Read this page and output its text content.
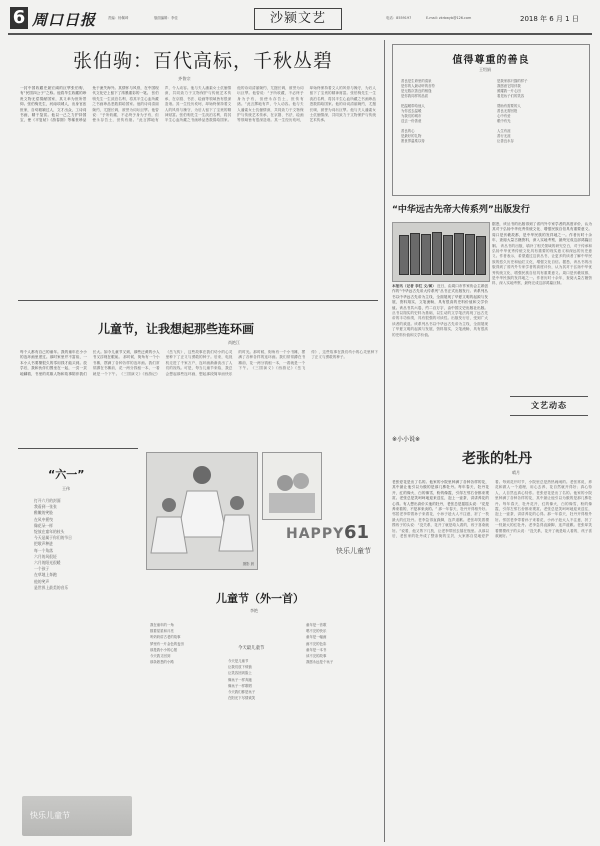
6 周口日报	责编：杨佩琦	版面编辑：李佳	沙颍文艺	电话：8559197	E-mail: zkrbwyb@126.com	2018 年 6 月 1 日
张伯驹：百代高标，千秋丛碧
齐鲁宗
一封中国收藏史最宏阔的巨擘张伯驹，有“民国四公子”之称。他将毕生收藏的珍贵文物无偿捐献国家，其义举为世所景仰。张伯驹先生，河南项城人，出身官宦世家，自幼聪颖过人，文才出众，工诗词书画，精于鉴赏。他以一己之力护持国宝，使《平复帖》《游春图》等稀世珍品免于流失海外。其情怀与风骨，在中国现代文化史上留下了浓墨重彩的一笔。 张伯驹先生一生淡泊名利，将其半生心血所藏之书画珍品悉数捐给国家。他的诗词清丽婉约，尤擅长调，被誉为词坛巨擘。他曾说：“予所收藏，不必终予身为予有，但使永存吾土，世传有绪。”此言掷地有声，令人动容。他与夫人潘素女士伉俪情深，共同致力于文物保护与传统艺术传承，在京剧、书法、绘画等领域皆有很深造诣。其一生经历坎坷，却始终保持着文人的风骨与操守，为后人留下了宝贵的精神财富。张伯驹先生一生淡泊名利，将其半生心血所藏之书画珍品悉数捐给国家。他的诗词清丽婉约，尤擅长调，被誉为词坛巨擘。他曾说：“予所收藏，不必终予身为予有，但使永存吾土，世传有绪。”此言掷地有声，令人动容。他与夫人潘素女士伉俪情深，共同致力于文物保护与传统艺术传承，在京剧、书法、绘画等领域皆有很深造诣。其一生经历坎坷，却始终保持着文人的风骨与操守，为后人留下了宝贵的精神财富。张伯驹先生一生淡泊名利，将其半生心血所藏之书画珍品悉数捐给国家。他的诗词清丽婉约，尤擅长调，被誉为词坛巨擘。他与夫人潘素女士伉俪情深，共同致力于文物保护与传统艺术传承。
值得尊重的善良
王绍娟
善良是生命里的清泉
是你的人最动听的音符
是无数次善良的相逢
是你我同样的品质

把温暖带给他人
为你送去温暖
为我们的城市
送去一份善意

善良的心
是最好的礼物
愿世界温柔以待
是我家那只猫的样子
我愿意它陪伴我
照耀我一片心田
看见孩子们的笑容

帮助有需要的人
善良无需回报
心中有爱
眼中有光

人生有涯
善行无涯
让善良永存
“中华远古先帝大传系列”出版发行
据悉，该丛书的出版得到了省内外专家学者的高度评价，认为其对于弘扬中华优秀传统文化、增强民族自信具有重要意义。周口是伏羲故都，是中华民族的发祥地之一。作者历时十余年，查阅大量古籍资料，深入实地考察，最终完成这部鸿篇巨制。 该丛书的出版，填补了相关领域的研究空白，对于传承和弘扬中华优秀传统文化具有重要的现实意义和深远的历史意义。作者表示，希望通过这套丛书，让更多的读者了解中华民族的悠久历史和灿烂文化，增强文化自信。据悉，该丛书的出版得到了省内外专家学者的高度评价，认为其对于弘扬中华优秀传统文化、增强民族自信具有重要意义。周口是伏羲故都，是中华民族的发祥地之一。作者历时十余年，查阅大量古籍资料，深入实地考察，最终完成这部鸿篇巨制。
本报讯（记者 李红 文/图） 近日，由周口市作家协会主席创作的“中华远古先帝大传系列”丛书正式出版发行。该系列丛书以中华远古先帝为主线，全面展现了华夏文明的起源与发展，资料翔实，文笔流畅，具有很高的史料价值和文学价值。该丛书共六卷，约二百万字，由中国文史出版社出版。 丛书以翔实的史料为基础，以生动的文学笔法再现了远古先帝的丰功伟绩，具有很强的可读性。出版发行后，受到广大读者的欢迎。该系列丛书以中华远古先帝为主线，全面展现了华夏文明的起源与发展，资料翔实，文笔流畅，具有很高的史料价值和文学价值。
文艺动态
儿童节，让我想起那些连环画
尚艳江
每个人都有自己的童年。我的童年在小小的连环画里度过。那时家里并不富裕，一本小人书要攒很久的零用钱才能买到。放学后，我和伙伴们围坐在一起，一页一页地翻看，书里的英雄人物和故事陪伴我们长大。如今儿童节又到，那些泛黄的小人书又浮现在眼前。 那时候，街角有一个小书摊，摆满了各种各样的连环画。我们常常蹲在书摊前，花一两分钱租一本，一看就是一个下午。《三国演义》《西游记》《岳飞传》，这些故事在我们幼小的心灵里种下了正义与勇敢的种子。后来，电视机走进了千家万户，连环画渐渐淡出了人们的视线。可是，每当儿童节来临，我总会想起那些连环画，想起那段简单而快乐的时光。那时候，街角有一个小书摊，摆满了各种各样的连环画。我们常常蹲在书摊前，花一两分钱租一本，一看就是一个下午。《三国演义》《西游记》《岳飞传》，这些故事在我们幼小的心灵里种下了正义与勇敢的种子。
“六一”
王伟
打开六月的封面
我看到一张张
稚嫩的笑脸
在风中摇曳
像花朵一样
绽放在童年的枝头
今天是属于你们的节日
把歌声种进
每一个角落
六月的风很轻
六月的阳光很暖
一个孩子
在草地上奔跑
他的笑声
是世界上最美的音乐
快乐儿童节
摄影 晨
HAPPY 61
快乐儿童节
儿童节（外一首）
李艳
今天最儿童节
我在童年的一角
数着星星和月亮
听奶奶讲古老的故事
梦里有一片金色的麦田
那是我小小的心愿
今天我又回到
那条熟悉的小路	今天是儿童节
让我们放下烦恼
让笑容回到脸上
像孩子一样奔跑
像孩子一样歌唱
今天我们都是孩子
在阳光下尽情欢笑
童年是一首歌
唱不完的快乐
童年是一幅画
画不完的色彩
童年是一本书
读不完的故事
我愿永远是个孩子
※小小说※
老张的牡丹
晴月
老张爱花是出了名的。他家的小院里种满了各种各样的花，其中最让他引以为傲的是那几株牡丹。每年春天，牡丹花开，红的像火，白的像雪，粉的像霞，引得左邻右舍都来观赏。老张总是笑呵呵地迎来送往，泡上一壶茶，讲讲养花的心得。有人想出高价买他的牡丹，老张总是摇摇头说：“花是养来看的，不是拿来卖的。” 那一年春天，牡丹开得格外好。邻居老李带着孙子来看花，小孙子趁大人不注意，折了一枝最大的红牡丹。老李急得直跺脚，连声道歉。老张却笑着摸摸孩子的头说：“没关系，花开了就是给人看的，孩子喜欢就好。”说着，他又剪下几枝，让老李带回去插在瓶里。从那以后，老张家的牡丹成了整条街的宝贝，大家都自觉地爱护着。每到花开时节，小院里总是热热闹闹的。老张常说，养花和做人一个道理，用心去养，花自然就开得好；真心待人，人自然也真心待你。老张爱花是出了名的。他家的小院里种满了各种各样的花，其中最让他引以为傲的是那几株牡丹。每年春天，牡丹花开，红的像火，白的像雪，粉的像霞，引得左邻右舍都来观赏。老张总是笑呵呵地迎来送往，泡上一壶茶，讲讲养花的心得。那一年春天，牡丹开得格外好。邻居老李带着孙子来看花，小孙子趁大人不注意，折了一枝最大的红牡丹。老李急得直跺脚，连声道歉。老张却笑着摸摸孩子的头说：“没关系，花开了就是给人看的，孩子喜欢就好。”
